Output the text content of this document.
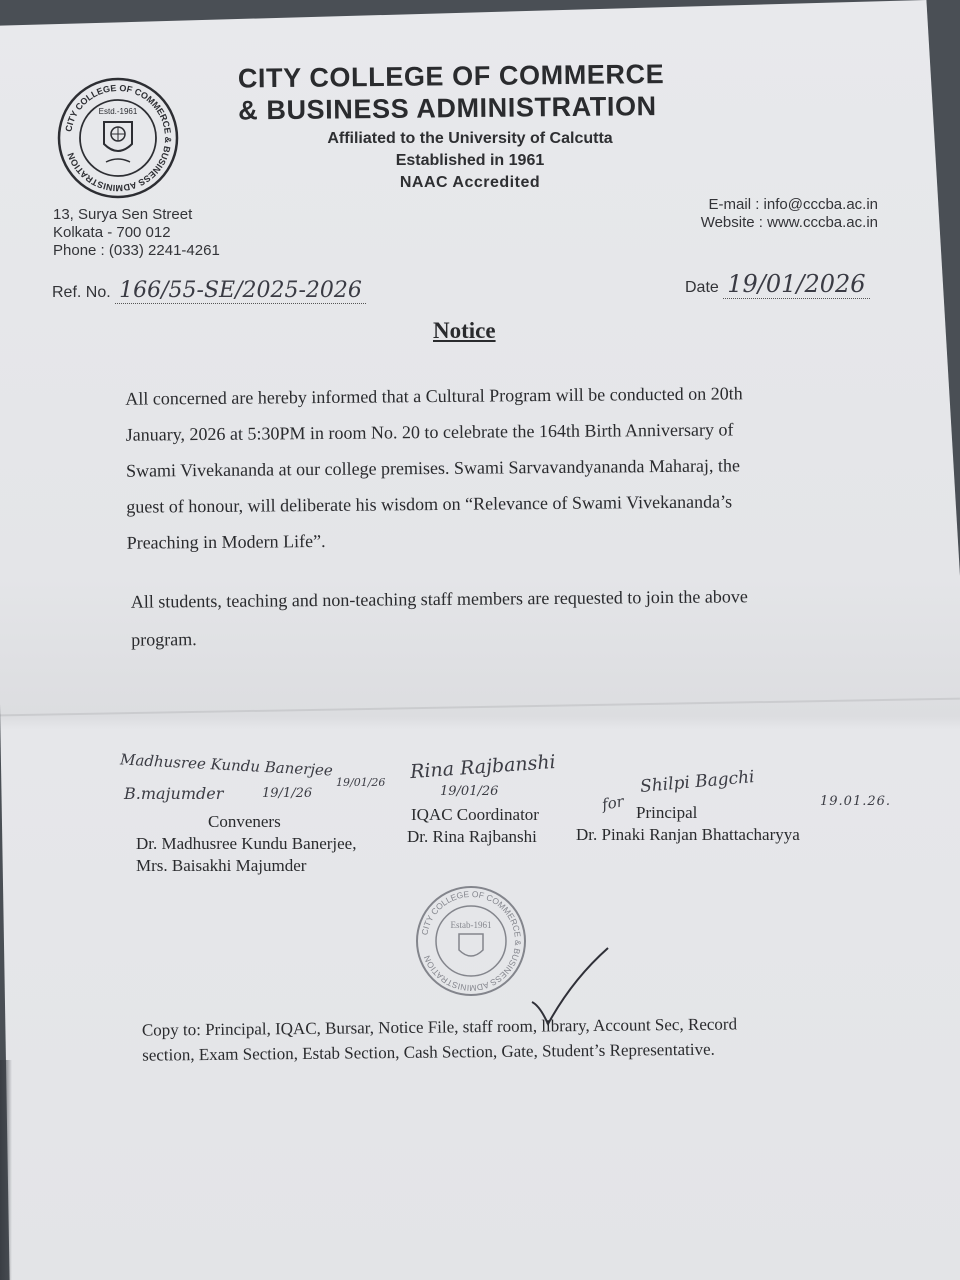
CITY COLLEGE OF COMMERCE & BUSINESS ADMINISTRATION
Estd.-1961
CITY COLLEGE OF COMMERCE
& BUSINESS ADMINISTRATION
Affiliated to the University of Calcutta
Established in 1961
NAAC Accredited
13, Surya Sen Street
Kolkata - 700 012
Phone : (033) 2241-4261
E-mail : info@cccba.ac.in
Website : www.cccba.ac.in
Ref. No. 166/55-SE/2025-2026	Date 19/01/2026
Notice
All concerned are hereby informed that a Cultural Program will be conducted on 20th
January, 2026 at 5:30PM in room No. 20 to celebrate the 164th Birth Anniversary of
Swami Vivekananda at our college premises. Swami Sarvavandyananda Maharaj, the
guest of honour, will deliberate his wisdom on “Relevance of Swami Vivekananda’s
Preaching in Modern Life”.
All students, teaching and non-teaching staff members are requested to join the above
program.
Madhusree Kundu Banerjee
19/01/26
B.majumder	19/1/26
Conveners
Dr. Madhusree Kundu Banerjee,
Mrs. Baisakhi Majumder
Rina Rajbanshi
19/01/26
IQAC Coordinator
Dr. Rina Rajbanshi
for
Shilpi Bagchi
19.01.26.
Principal
Dr. Pinaki Ranjan Bhattacharyya
CITY COLLEGE OF COMMERCE & BUSINESS ADMINISTRATION
Estab-1961
Copy to: Principal, IQAC, Bursar, Notice File, staff room, library, Account Sec, Record
section, Exam Section, Estab Section, Cash Section, Gate, Student’s Representative.
